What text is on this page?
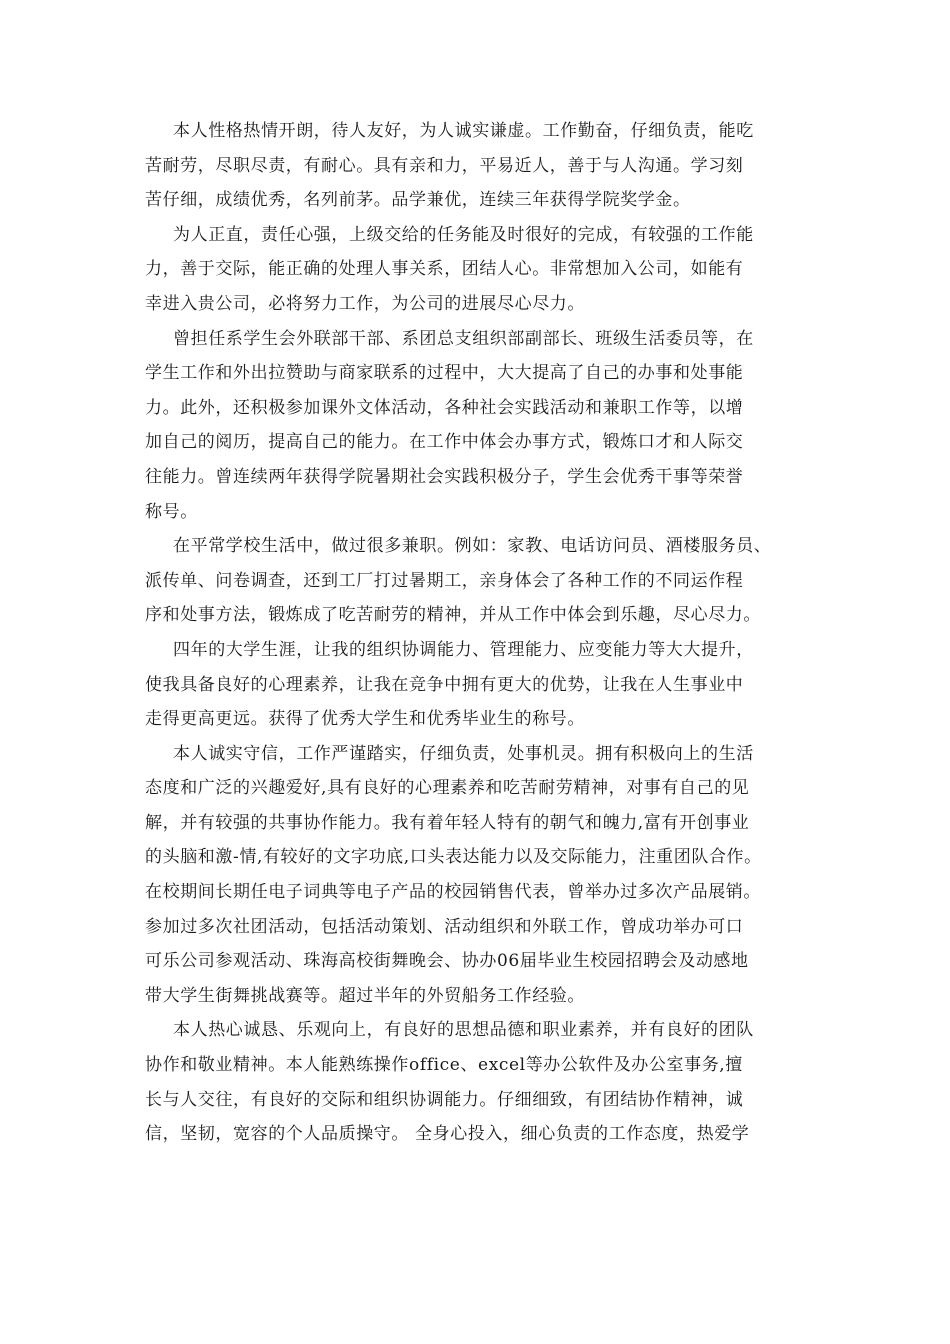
本人性格热情开朗，待人友好，为人诚实谦虚。工作勤奋，仔细负责，能吃
苦耐劳，尽职尽责，有耐心。具有亲和力，平易近人，善于与人沟通。学习刻
苦仔细，成绩优秀，名列前茅。品学兼优，连续三年获得学院奖学金。
为人正直，责任心强，上级交给的任务能及时很好的完成，有较强的工作能
力，善于交际，能正确的处理人事关系，团结人心。非常想加入公司，如能有
幸进入贵公司，必将努力工作，为公司的进展尽心尽力。
曾担任系学生会外联部干部、系团总支组织部副部长、班级生活委员等，在
学生工作和外出拉赞助与商家联系的过程中，大大提高了自己的办事和处事能
力。此外，还积极参加课外文体活动，各种社会实践活动和兼职工作等，以增
加自己的阅历，提高自己的能力。在工作中体会办事方式，锻炼口才和人际交
往能力。曾连续两年获得学院暑期社会实践积极分子，学生会优秀干事等荣誉
称号。
在平常学校生活中，做过很多兼职。例如：家教、电话访问员、酒楼服务员、
派传单、问卷调查，还到工厂打过暑期工，亲身体会了各种工作的不同运作程
序和处事方法，锻炼成了吃苦耐劳的精神，并从工作中体会到乐趣，尽心尽力。
四年的大学生涯，让我的组织协调能力、管理能力、应变能力等大大提升，
使我具备良好的心理素养，让我在竞争中拥有更大的优势，让我在人生事业中
走得更高更远。获得了优秀大学生和优秀毕业生的称号。
本人诚实守信，工作严谨踏实，仔细负责，处事机灵。拥有积极向上的生活
态度和广泛的兴趣爱好,具有良好的心理素养和吃苦耐劳精神，对事有自己的见
解，并有较强的共事协作能力。我有着年轻人特有的朝气和魄力,富有开创事业
的头脑和激-情,有较好的文字功底,口头表达能力以及交际能力，注重团队合作。
在校期间长期任电子词典等电子产品的校园销售代表，曾举办过多次产品展销。
参加过多次社团活动，包括活动策划、活动组织和外联工作，曾成功举办可口
可乐公司参观活动、珠海高校街舞晚会、协办06届毕业生校园招聘会及动感地
带大学生街舞挑战赛等。超过半年的外贸船务工作经验。
本人热心诚恳、乐观向上，有良好的思想品德和职业素养，并有良好的团队
协作和敬业精神。本人能熟练操作office、excel等办公软件及办公室事务,擅
长与人交往，有良好的交际和组织协调能力。仔细细致，有团结协作精神，诚
信，坚韧，宽容的个人品质操守。 全身心投入，细心负责的工作态度，热爱学
